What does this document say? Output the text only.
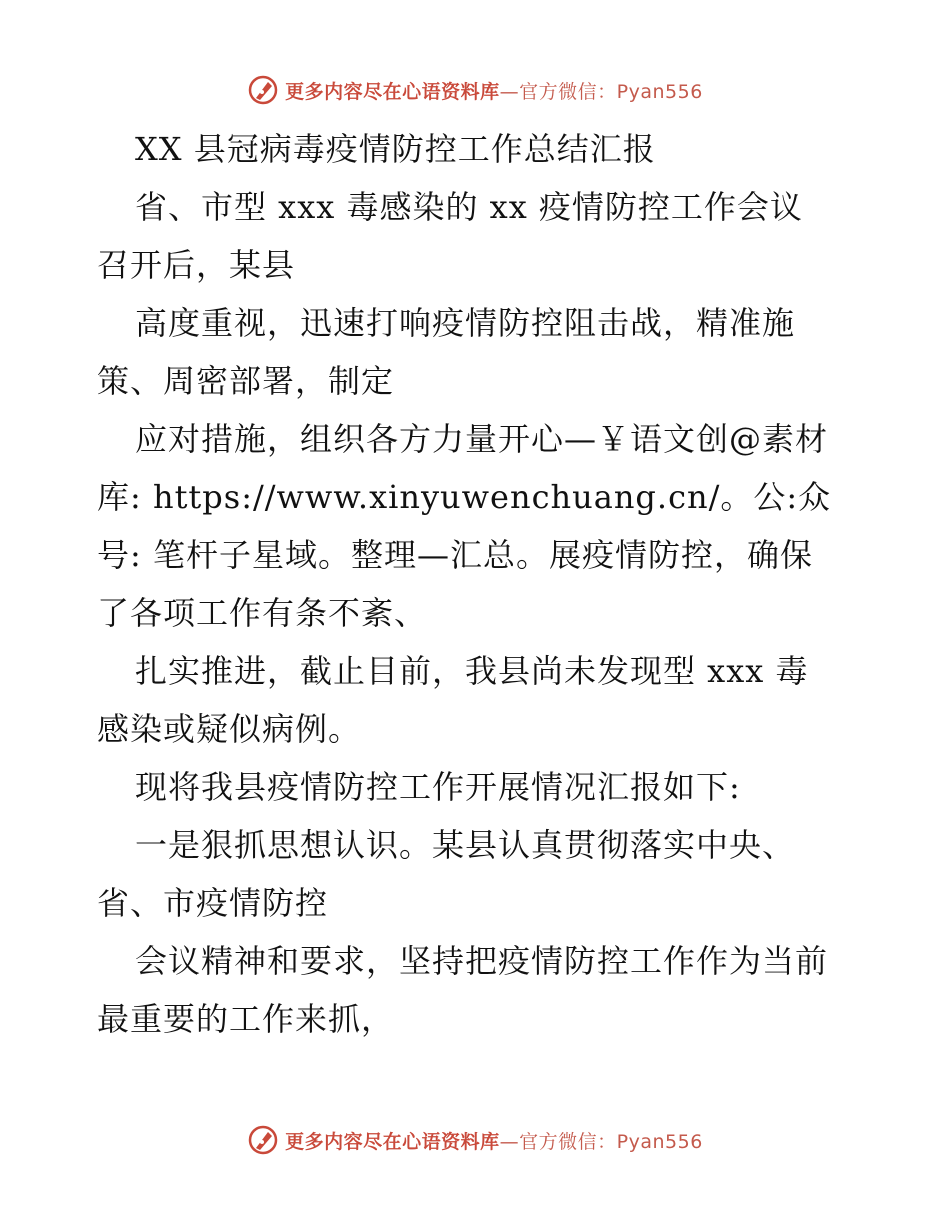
更多内容尽在心语资料库—官方微信：Pyan556

XX 县冠病毒疫情防控工作总结汇报

省、市型 xxx 毒感染的 xx 疫情防控工作会议

召开后，某县

高度重视，迅速打响疫情防控阻击战，精准施

策、周密部署，制定

应对措施，组织各方力量开心—￥语文创@素材

库: https://www.xinyuwenchuang.cn/。公:众

号: 笔杆子星域。整理—汇总。展疫情防控，确保

了各项工作有条不紊、

扎实推进，截止目前，我县尚未发现型 xxx 毒

感染或疑似病例。

现将我县疫情防控工作开展情况汇报如下:

一是狠抓思想认识。某县认真贯彻落实中央、

省、市疫情防控

会议精神和要求，坚持把疫情防控工作作为当前

最重要的工作来抓，

更多内容尽在心语资料库—官方微信：Pyan556
